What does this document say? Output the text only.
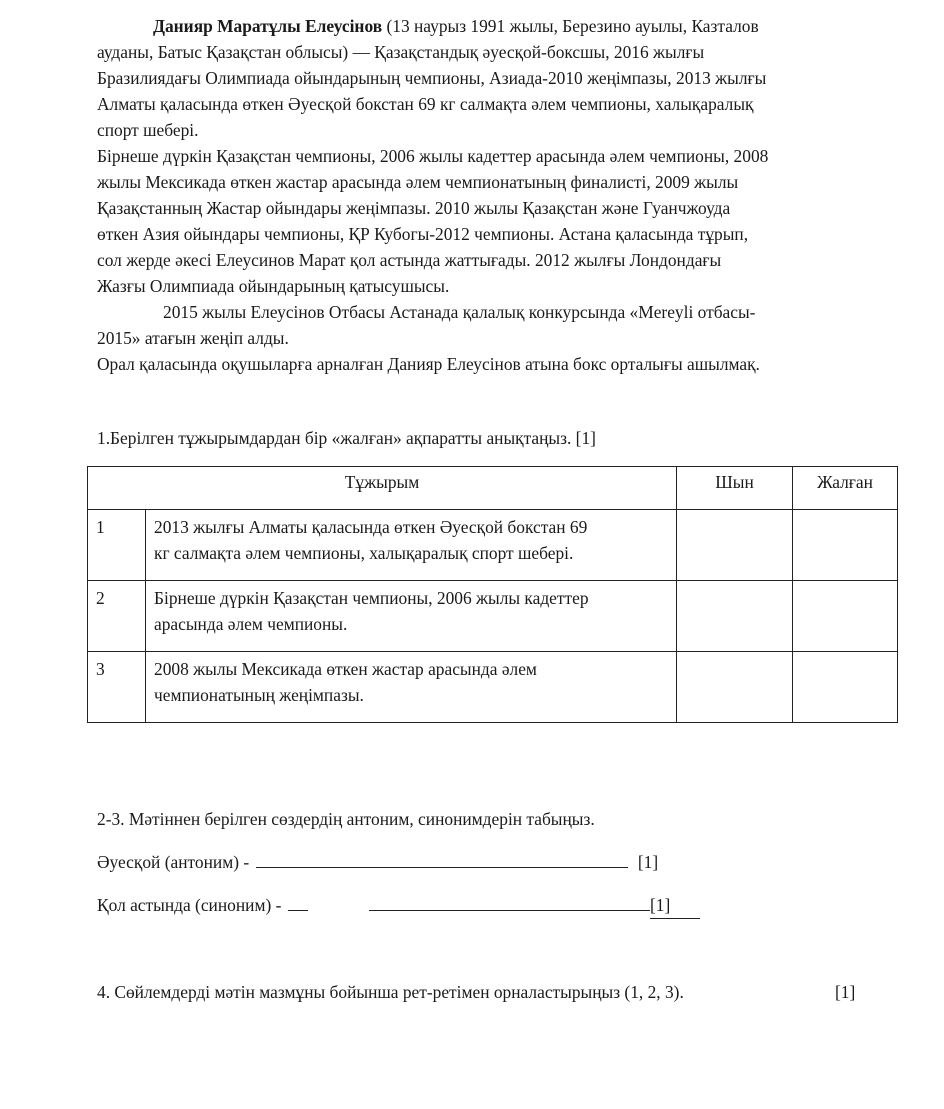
Данияр Маратұлы Елеусінов (13 наурыз 1991 жылы, Березино ауылы, Казталов
ауданы, Батыс Қазақстан облысы) — Қазақстандық әуесқой-боксшы, 2016 жылғы
Бразилиядағы Олимпиада ойындарының чемпионы, Азиада-2010 жеңімпазы, 2013 жылғы
Алматы қаласында өткен Әуесқой бокстан 69 кг салмақта әлем чемпионы, халықаралық
спорт шебері.
Бірнеше дүркін Қазақстан чемпионы, 2006 жылы кадеттер арасында әлем чемпионы, 2008
жылы Мексикада өткен жастар арасында әлем чемпионатының финалисті, 2009 жылы
Қазақстанның Жастар ойындары жеңімпазы. 2010 жылы Қазақстан және Гуанчжоуда
өткен Азия ойындары чемпионы, ҚР Кубогы-2012 чемпионы. Астана қаласында тұрып,
сол жерде әкесі Елеусинов Марат қол астында жаттығады. 2012 жылғы Лондондағы
Жазғы Олимпиада ойындарының қатысушысы.
2015 жылы Елеусінов Отбасы Астанада қалалық конкурсында «Mereyli отбасы-
2015» атағын жеңіп алды.
Орал қаласында оқушыларға арналған Данияр Елеусінов атына бокс орталығы ашылмақ.
1.Берілген тұжырымдардан бір «жалған» ақпаратты анықтаңыз. [1]
Тұжырым		Шын	Жалған
1	2013 жылғы Алматы қаласында өткен Әуесқой бокстан 69
кг салмақта әлем чемпионы, халықаралық спорт шебері.		
2	Бірнеше дүркін Қазақстан чемпионы, 2006 жылы кадеттер
арасында әлем чемпионы.		
3	2008 жылы Мексикада өткен жастар арасында әлем
чемпионатының жеңімпазы.		
2-3. Мәтіннен берілген сөздердің антоним, синонимдерін табыңыз.
Әуесқой (антоним) -	[1]
Қол астында (синоним) -	[1]
4. Сөйлемдерді мәтін мазмұны бойынша рет-ретімен орналастырыңыз (1, 2, 3).	[1]
